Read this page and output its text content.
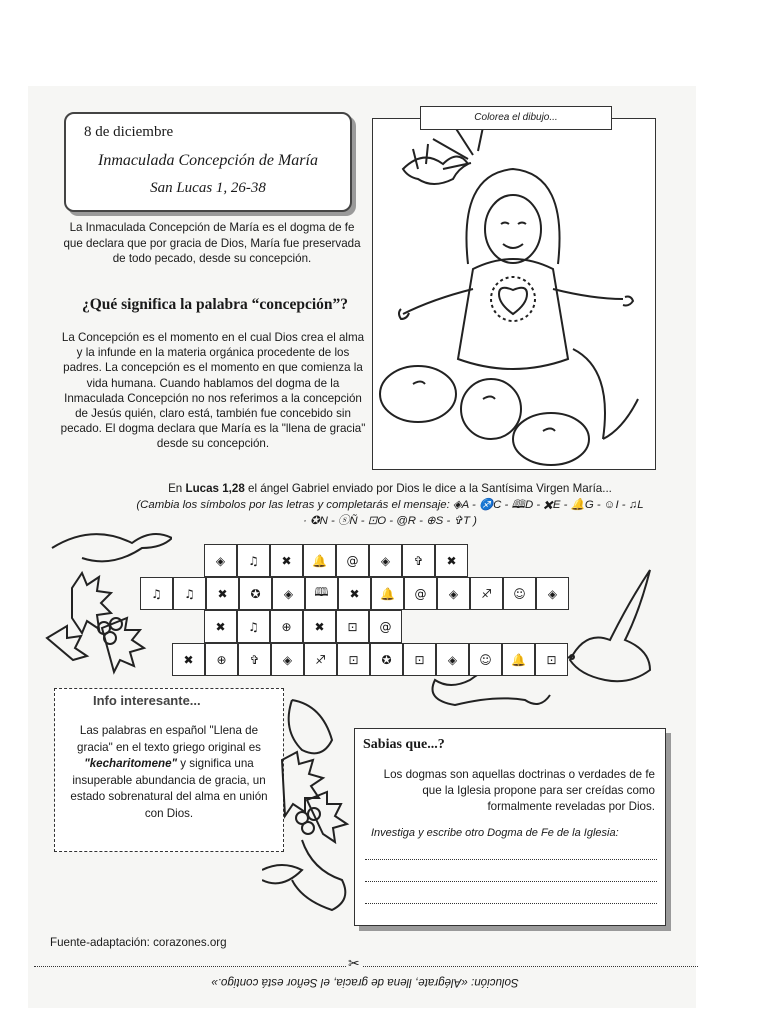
8 de diciembre
Inmaculada Concepción de María
San Lucas 1, 26-38
La Inmaculada Concepción de María es el dogma de fe que declara que por gracia de Dios, María fue preservada de todo pecado, desde su concepción.
¿Qué significa la palabra “concepción”?
La Concepción es el momento en el cual Dios crea el alma y la infunde en la materia orgánica procedente de los padres. La concepción es el momento en que comienza la vida humana. Cuando hablamos del dogma de la Inmaculada Concepción no nos referimos a la concepción de Jesús quién, claro está, también fue concebido sin pecado. El dogma declara que María es la "llena de gracia" desde su concepción.
Colorea el dibujo...
En Lucas 1,28 el ángel Gabriel enviado por Dios le dice a la Santísima Virgen María...
(Cambia los símbolos por las letras y completarás el mensaje: ◈A - ♐C - 🕮D - ✖E - 🔔G - ☺I - ♫L
· ✪N - ⓢÑ - ⊡O - @R - ⊕S - ✞T )
◈	♫	✖	🔔	@	◈	✞	✖
♫	♫	✖	✪	◈	🕮	✖	🔔	@	◈	♐	☺	◈
✖	♫	⊕	✖	⊡	@
✖	⊕	✞	◈	♐	⊡	✪	⊡	◈	☺	🔔	⊡
Info interesante...
Las palabras en español "Llena de gracia" en el texto griego original es "kecharitomene" y significa una insuperable abundancia de gracia, un estado sobrenatural del alma en unión con Dios.
Sabias que...?
Los dogmas son aquellas doctrinas o verdades de fe que la Iglesia propone para ser creídas como formalmente reveladas por Dios.
Investiga y escribe otro Dogma de Fe de la Iglesia:
Fuente-adaptación: corazones.org
✂
Solución: «Alégrate, llena de gracia, el Señor está contigo.»
